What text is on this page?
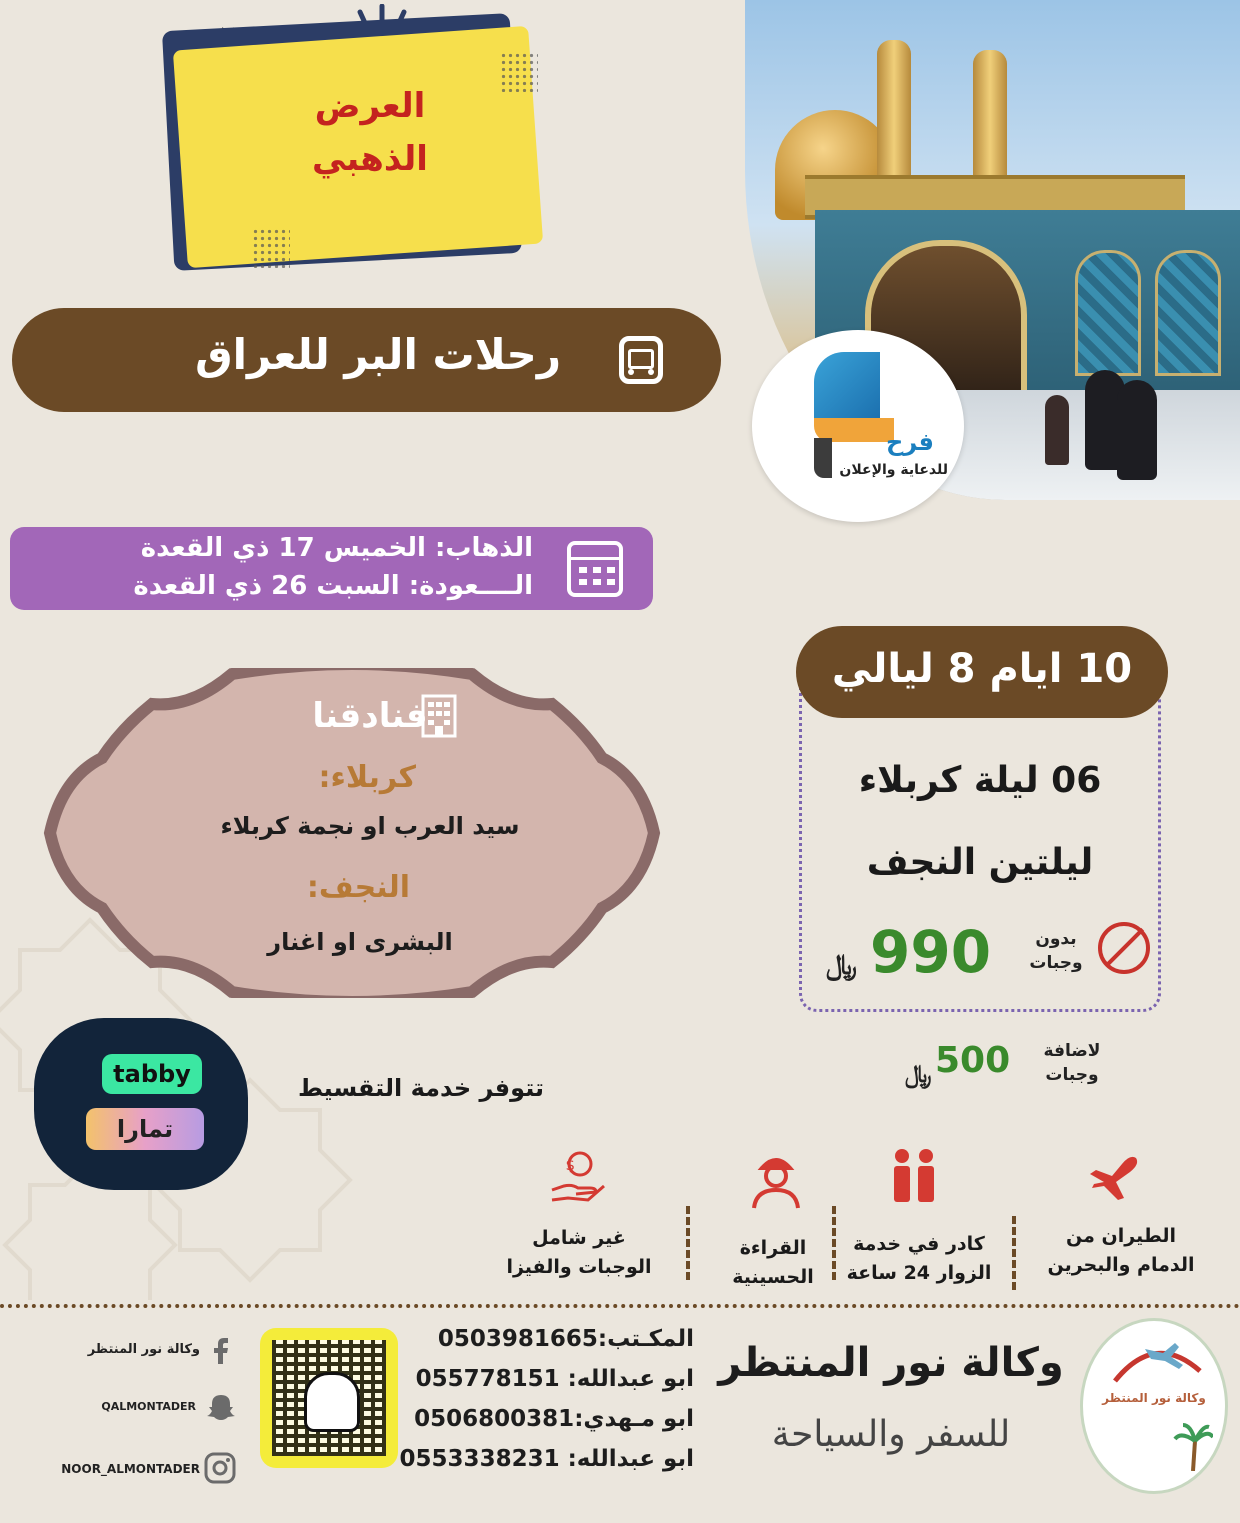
فرح
للدعاية والإعلان
العرض
الذهبي
رحلات البر للعراق
الذهاب: الخميس 17 ذي القعدة
الــــعودة: السبت 26 ذي القعدة
فنادقنا
كربلاء:
سيد العرب او نجمة كربلاء
النجف:
البشرى او اغنار
10 ايام 8 ليالي
06 ليلة كربلاء
ليلتين النجف
بدون
وجبات
990
﷼
لاضافة
وجبات
500
﷼
tabby
تمارا
تتوفر خدمة التقسيط
الطيران من
الدمام والبحرين
كادر في خدمة
الزوار 24 ساعة
القراءة
الحسينية
$
غير شامل
الوجبات والفيزا
وكالة نور المنتظر
وكالة نور المنتظر
للسفر والسياحة
المكـتب:0503981665
ابو عبدالله: 055778151
ابو مـهدي:0506800381
ابو عبدالله: 0553338231
وكالة نور المنتظر
QALMONTADER
NOOR_ALMONTADER
